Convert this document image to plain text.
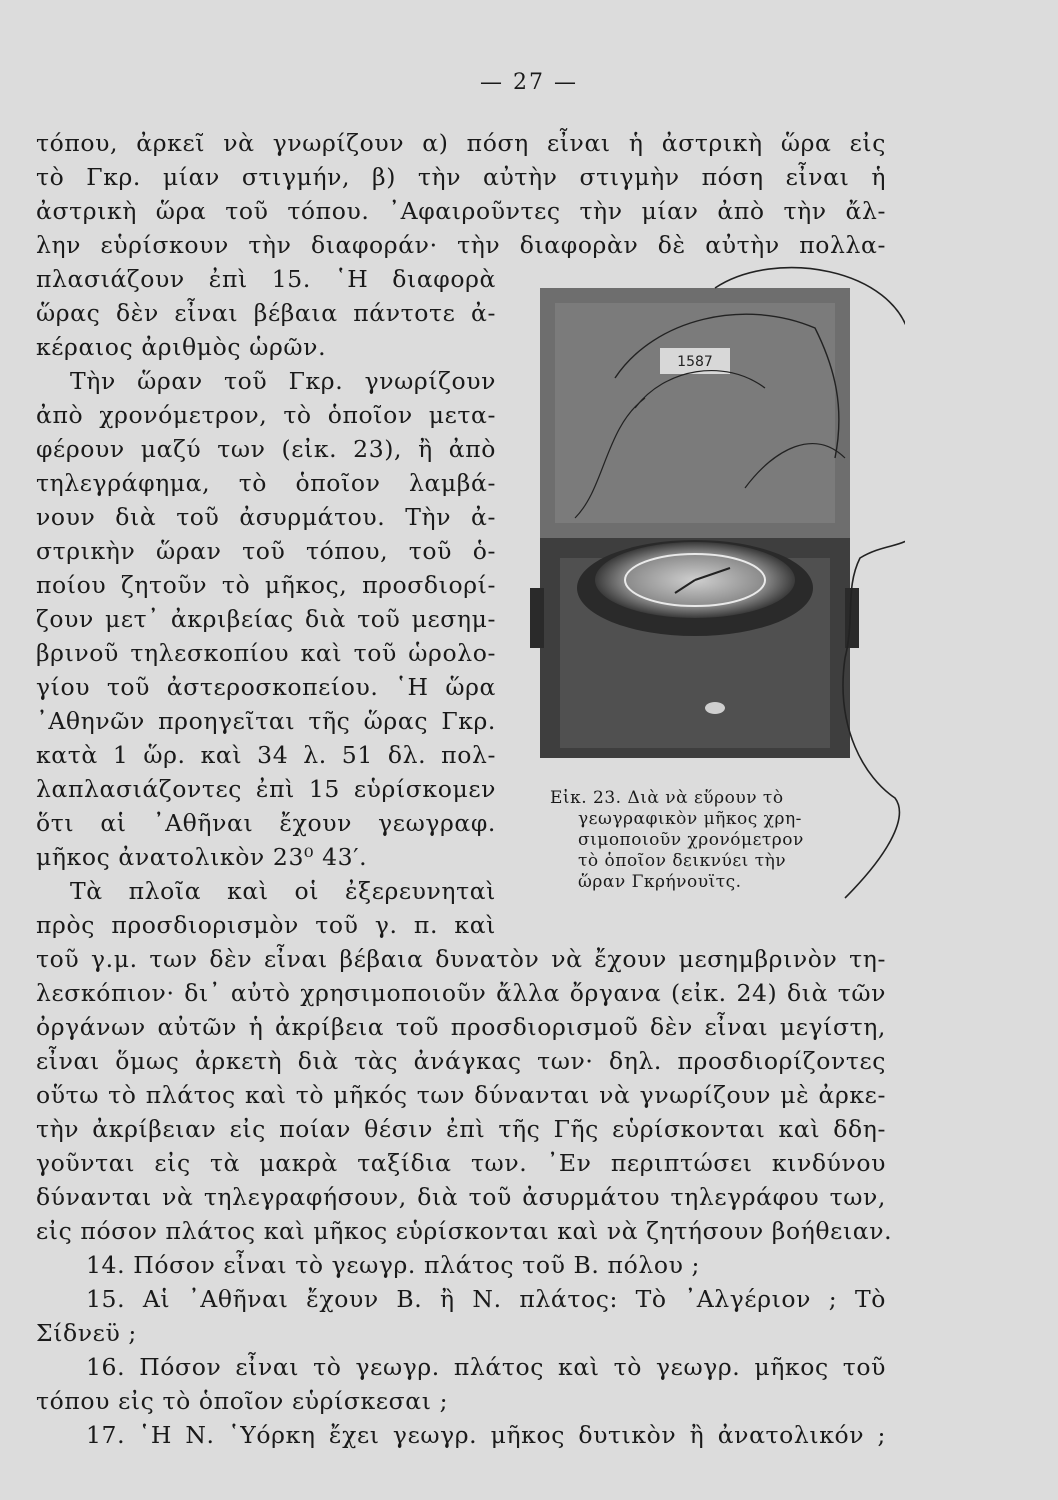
— 27 —
τόπου, ἀρκεῖ νὰ γνωρίζουν α) πόση εἶναι ἡ ἀστρικὴ ὥρα εἰς
τὸ Γκρ. μίαν στιγμήν, β) τὴν αὐτὴν στιγμὴν πόση εἶναι ἡ
ἀστρικὴ ὥρα τοῦ τόπου. ᾿Αφαιροῦντες τὴν μίαν ἀπὸ τὴν ἄλ-
λην εὑρίσκουν τὴν διαφοράν· τὴν διαφορὰν δὲ αὐτὴν πολλα-
πλασιάζουν ἐπὶ 15. ῾Η διαφορὰ
ὥρας δὲν εἶναι βέβαια πάντοτε ἀ-
κέραιος ἀριθμὸς ὡρῶν.
Τὴν ὥραν τοῦ Γκρ. γνωρίζουν
ἀπὸ χρονόμετρον, τὸ ὁποῖον μετα-
φέρουν μαζύ των (εἰκ. 23), ἢ ἀπὸ
τηλεγράφημα, τὸ ὁποῖον λαμβά-
νουν διὰ τοῦ ἀσυρμάτου. Τὴν ἀ-
στρικὴν ὥραν τοῦ τόπου, τοῦ ὁ-
ποίου ζητοῦν τὸ μῆκος, προσδιορί-
ζουν μετ᾿ ἀκριβείας διὰ τοῦ μεσημ-
βρινοῦ τηλεσκοπίου καὶ τοῦ ὡρολο-
γίου τοῦ ἀστεροσκοπείου. ῾Η ὥρα
᾿Αθηνῶν προηγεῖται τῆς ὥρας Γκρ.
κατὰ 1 ὥρ. καὶ 34 λ. 51 δλ. πολ-
λαπλασιάζοντες ἐπὶ 15 εὑρίσκομεν
ὅτι αἱ ᾿Αθῆναι ἔχουν γεωγραφ.
μῆκος ἀνατολικὸν 23⁰ 43′.
Τὰ πλοῖα καὶ οἱ ἐξερευνηταὶ
πρὸς προσδιορισμὸν τοῦ γ. π. καὶ
τοῦ γ.μ. των δὲν εἶναι βέβαια δυνατὸν νὰ ἔχουν μεσημβρινὸν τη-
λεσκόπιον· δι᾿ αὐτὸ χρησιμοποιοῦν ἄλλα ὄργανα (εἰκ. 24) διὰ τῶν
ὀργάνων αὐτῶν ἡ ἀκρίβεια τοῦ προσδιορισμοῦ δὲν εἶναι μεγίστη,
εἶναι ὅμως ἀρκετὴ διὰ τὰς ἀνάγκας των· δηλ. προσδιορίζοντες
οὕτω τὸ πλάτος καὶ τὸ μῆκός των δύνανται νὰ γνωρίζουν μὲ ἀρκε-
τὴν ἀκρίβειαν εἰς ποίαν θέσιν ἐπὶ τῆς Γῆς εὑρίσκονται καὶ δδη-
γοῦνται εἰς τὰ μακρὰ ταξίδια των. ᾿Εν περιπτώσει κινδύνου
δύνανται νὰ τηλεγραφήσουν, διὰ τοῦ ἀσυρμάτου τηλεγράφου των,
εἰς πόσον πλάτος καὶ μῆκος εὑρίσκονται καὶ νὰ ζητήσουν βοήθειαν.
14. Πόσον εἶναι τὸ γεωγρ. πλάτος τοῦ Β. πόλου ;
15. Αἱ ᾿Αθῆναι ἔχουν Β. ἢ Ν. πλάτος: Τὸ ᾿Αλγέριον ; Τὸ
Σίδνεϋ ;
16. Πόσον εἶναι τὸ γεωγρ. πλάτος καὶ τὸ γεωγρ. μῆκος τοῦ
τόπου εἰς τὸ ὁποῖον εὑρίσκεσαι ;
17. ῾Η Ν. ῾Υόρκη ἔχει γεωγρ. μῆκος δυτικὸν ἢ ἀνατολικόν ;
1587
Εἰκ. 23. Διὰ νὰ εὕρουν τὸ
γεωγραφικὸν μῆκος χρη-
σιμοποιοῦν χρονόμετρον
τὸ ὁποῖον δεικνύει τὴν
ὥραν Γκρήνουϊτς.
